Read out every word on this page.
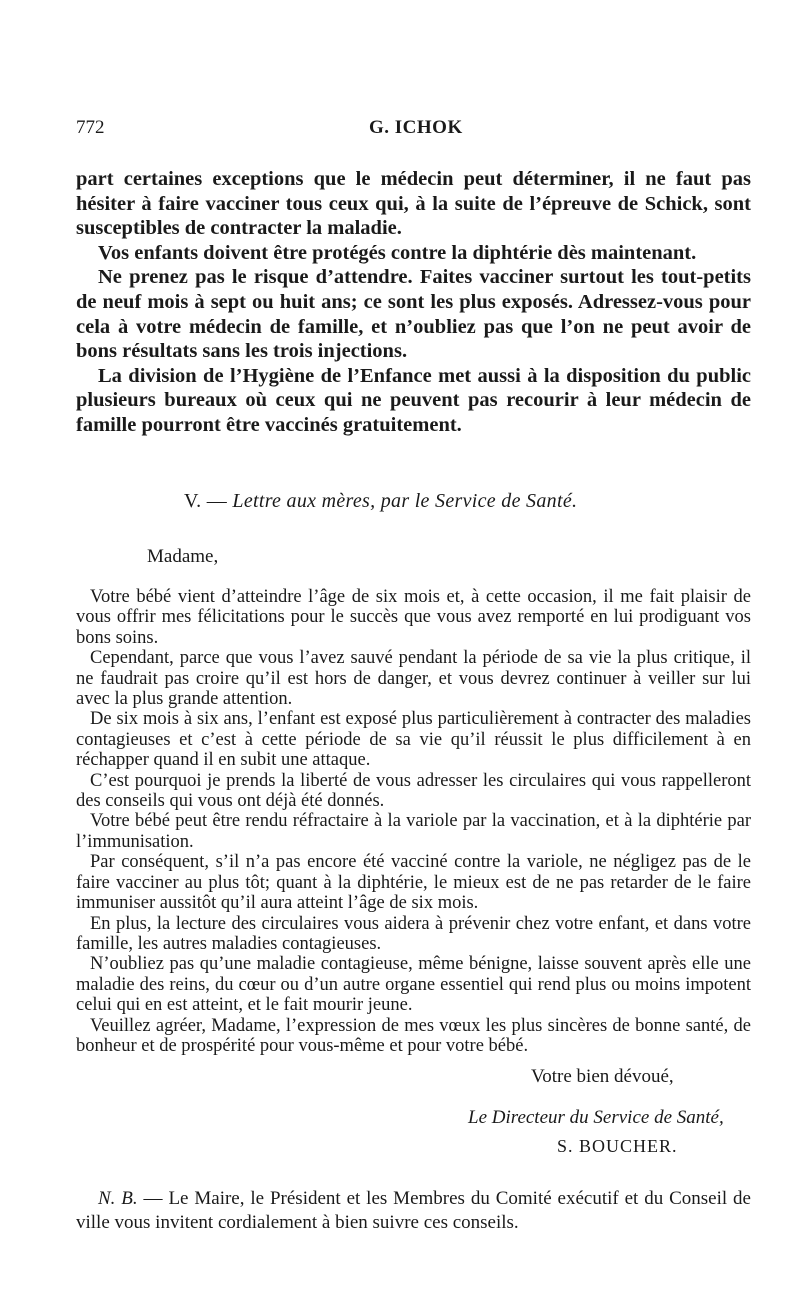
772	G. ICHOK

part certaines exceptions que le médecin peut déterminer, il ne faut pas hésiter à faire vacciner tous ceux qui, à la suite de l’épreuve de Schick, sont susceptibles de contracter la maladie.

Vos enfants doivent être protégés contre la diphtérie dès maintenant.

Ne prenez pas le risque d’attendre. Faites vacciner surtout les tout-petits de neuf mois à sept ou huit ans; ce sont les plus exposés. Adressez-vous pour cela à votre médecin de famille, et n’oubliez pas que l’on ne peut avoir de bons résultats sans les trois injections.

La division de l’Hygiène de l’Enfance met aussi à la disposition du public plusieurs bureaux où ceux qui ne peuvent pas recourir à leur médecin de famille pourront être vaccinés gratuitement.

V. — Lettre aux mères, par le Service de Santé.
Madame,

Votre bébé vient d’atteindre l’âge de six mois et, à cette occasion, il me fait plaisir de vous offrir mes félicitations pour le succès que vous avez remporté en lui prodiguant vos bons soins.

Cependant, parce que vous l’avez sauvé pendant la période de sa vie la plus critique, il ne faudrait pas croire qu’il est hors de danger, et vous devrez continuer à veiller sur lui avec la plus grande attention.

De six mois à six ans, l’enfant est exposé plus particulièrement à contracter des maladies contagieuses et c’est à cette période de sa vie qu’il réussit le plus difficilement à en réchapper quand il en subit une attaque.

C’est pourquoi je prends la liberté de vous adresser les circulaires qui vous rappelleront des conseils qui vous ont déjà été donnés.

Votre bébé peut être rendu réfractaire à la variole par la vaccination, et à la diphtérie par l’immunisation.

Par conséquent, s’il n’a pas encore été vacciné contre la variole, ne négligez pas de le faire vacciner au plus tôt; quant à la diphtérie, le mieux est de ne pas retarder de le faire immuniser aussitôt qu’il aura atteint l’âge de six mois.

En plus, la lecture des circulaires vous aidera à prévenir chez votre enfant, et dans votre famille, les autres maladies contagieuses.

N’oubliez pas qu’une maladie contagieuse, même bénigne, laisse souvent après elle une maladie des reins, du cœur ou d’un autre organe essentiel qui rend plus ou moins impotent celui qui en est atteint, et le fait mourir jeune.

Veuillez agréer, Madame, l’expression de mes vœux les plus sincères de bonne santé, de bonheur et de prospérité pour vous-même et pour votre bébé.

Votre bien dévoué,
Le Directeur du Service de Santé,
S. BOUCHER.

N. B. — Le Maire, le Président et les Membres du Comité exécutif et du Conseil de ville vous invitent cordialement à bien suivre ces conseils.
